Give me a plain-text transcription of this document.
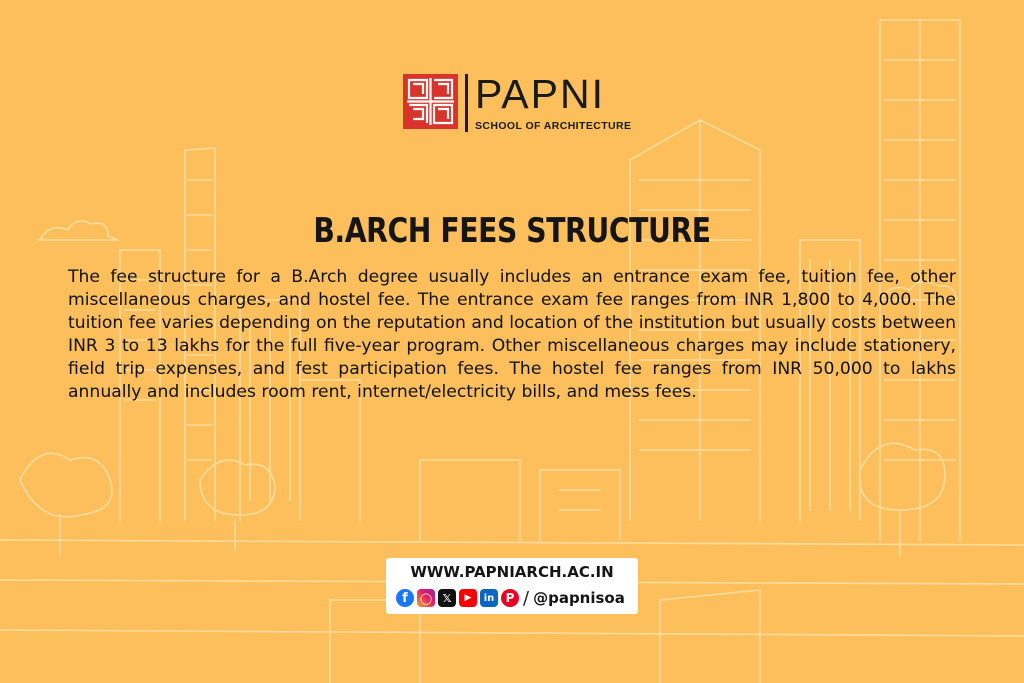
PAPNI
SCHOOL OF ARCHITECTURE
B.ARCH FEES STRUCTURE

The fee structure for a B.Arch degree usually includes an entrance exam fee, tuition fee, other miscellaneous charges, and hostel fee. The entrance exam fee ranges from INR 1,800 to 4,000. The tuition fee varies depending on the reputation and location of the institution but usually costs between INR 3 to 13 lakhs for the full five-year program. Other miscellaneous charges may include stationery, field trip expenses, and fest participation fees. The hostel fee ranges from INR 50,000 to lakhs annually and includes room rent, internet/electricity bills, and mess fees.

WWW.PAPNIARCH.AC.IN
f	◯ 𝕏	▶	in P / @papnisoa
